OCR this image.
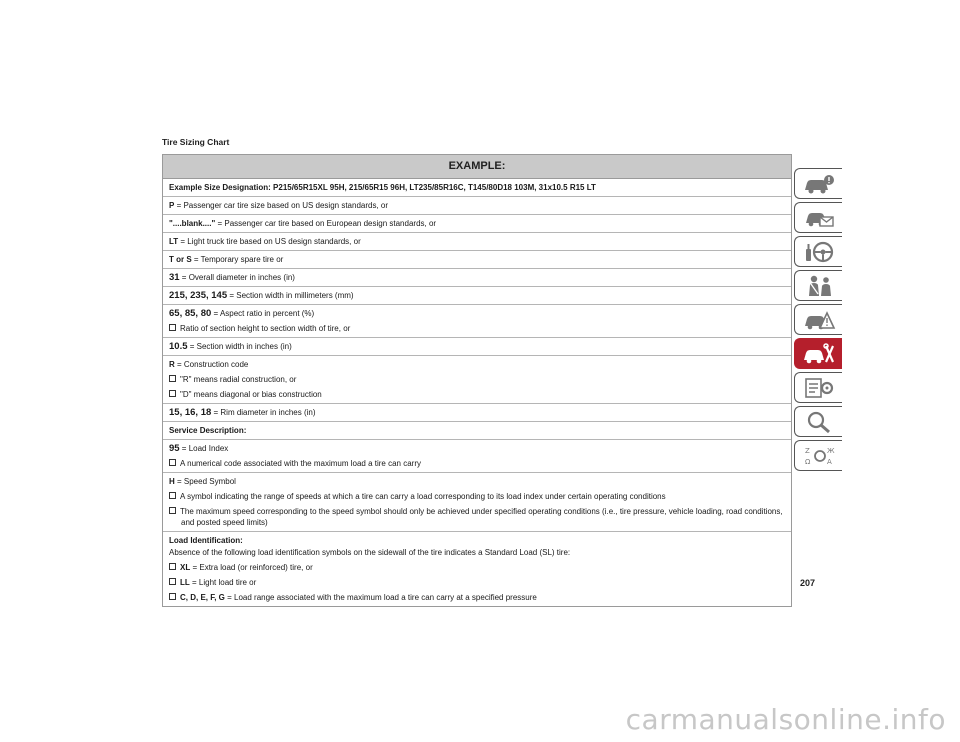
Tire Sizing Chart
EXAMPLE:
Example Size Designation: P215/65R15XL 95H, 215/65R15 96H, LT235/85R16C, T145/80D18 103M, 31x10.5 R15 LT
P = Passenger car tire size based on US design standards, or
"....blank...." = Passenger car tire based on European design standards, or
LT = Light truck tire based on US design standards, or
T or S = Temporary spare tire or
31 = Overall diameter in inches (in)
215, 235, 145 = Section width in millimeters (mm)
65, 85, 80 = Aspect ratio in percent (%)
Ratio of section height to section width of tire, or
10.5 = Section width in inches (in)
R = Construction code
"R" means radial construction, or
"D" means diagonal or bias construction
15, 16, 18 = Rim diameter in inches (in)
Service Description:
95 = Load Index
A numerical code associated with the maximum load a tire can carry
H = Speed Symbol
A symbol indicating the range of speeds at which a tire can carry a load corresponding to its load index under certain operating conditions
The maximum speed corresponding to the speed symbol should only be achieved under specified operating conditions (i.e., tire pressure, vehicle loading, road conditions, and posted speed limits)
Load Identification:
Absence of the following load identification symbols on the sidewall of the tire indicates a Standard Load (SL) tire:
XL = Extra load (or reinforced) tire, or
LL = Light load tire or
C, D, E, F, G = Load range associated with the maximum load a tire can carry at a specified pressure
Z
Ω
Ж
A
207
carmanualsonline.info
